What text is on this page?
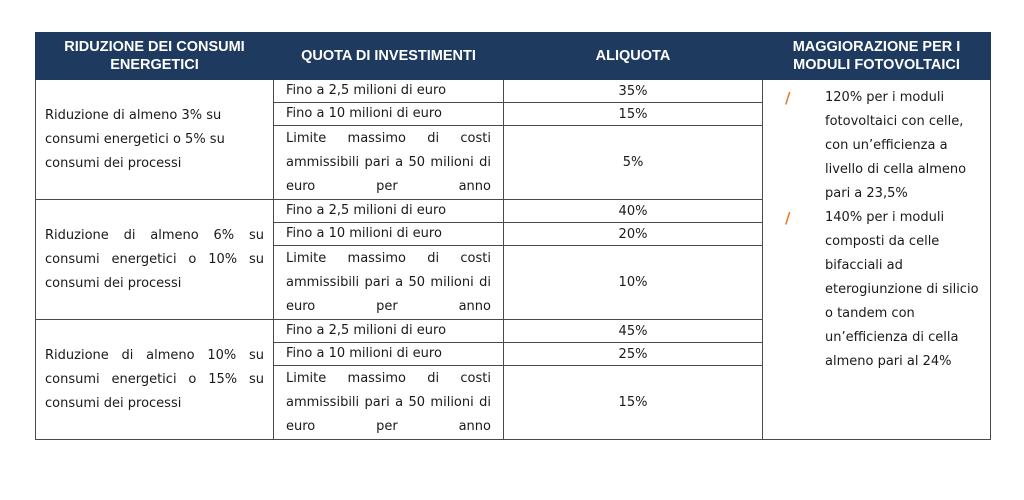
RIDUZIONE DEI CONSUMI ENERGETICI	QUOTA DI INVESTIMENTI	ALIQUOTA	MAGGIORAZIONE PER I MODULI FOTOVOLTAICI
Riduzione di almeno 3% su consumi energetici o 5% su consumi dei processi	Fino a 2,5 milioni di euro	35%	/ 120% per i moduli fotovoltaici con celle, con un’efficienza a livello di cella almeno pari a 23,5%
/ 140% per i moduli composti da celle bifacciali ad eterogiunzione di silicio o tandem con un’efficienza di cella almeno pari al 24%

	Fino a 10 milioni di euro	15%	
	Limite massimo di costi ammissibili pari a 50 milioni di euro per anno	5%	
Riduzione di almeno 6% su consumi energetici o 10% su consumi dei processi	Fino a 2,5 milioni di euro	40%	
	Fino a 10 milioni di euro	20%	
	Limite massimo di costi ammissibili pari a 50 milioni di euro per anno	10%	
Riduzione di almeno 10% su consumi energetici o 15% su consumi dei processi	Fino a 2,5 milioni di euro	45%	
	Fino a 10 milioni di euro	25%	
	Limite massimo di costi ammissibili pari a 50 milioni di euro per anno	15%	
